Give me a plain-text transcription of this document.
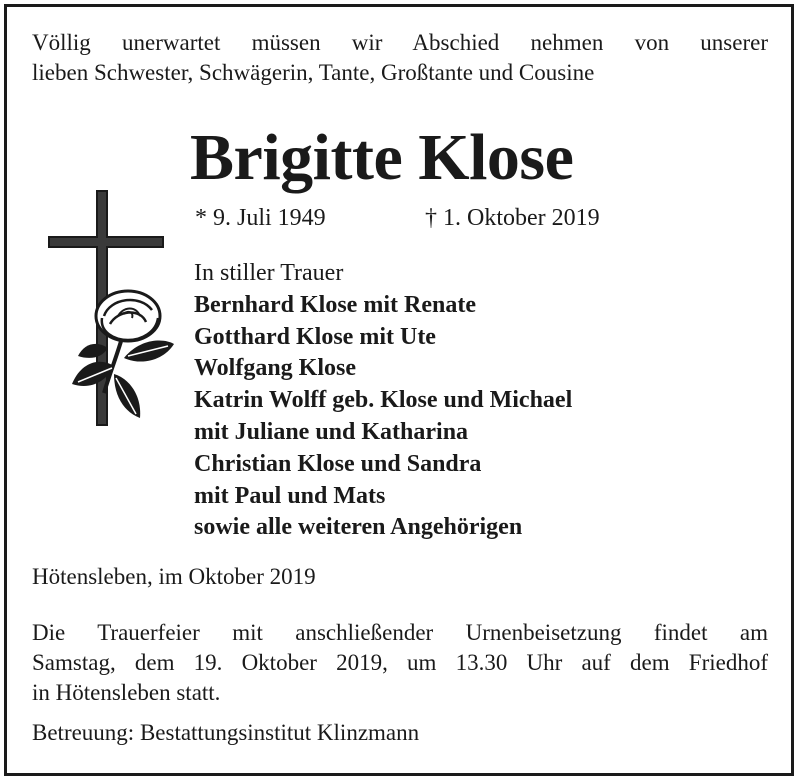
Völlig unerwartet müssen wir Abschied nehmen von unserer
lieben Schwester, Schwägerin, Tante, Großtante und Cousine
Brigitte Klose
* 9. Juli 1949	† 1. Oktober 2019
In stiller Trauer
Bernhard Klose mit Renate
Gotthard Klose mit Ute
Wolfgang Klose
Katrin Wolff geb. Klose und Michael
mit Juliane und Katharina
Christian Klose und Sandra
mit Paul und Mats
sowie alle weiteren Angehörigen
Hötensleben, im Oktober 2019
Die Trauerfeier mit anschließender Urnenbeisetzung findet am
Samstag, dem 19. Oktober 2019, um 13.30 Uhr auf dem Friedhof
in Hötensleben statt.
Betreuung: Bestattungsinstitut Klinzmann
